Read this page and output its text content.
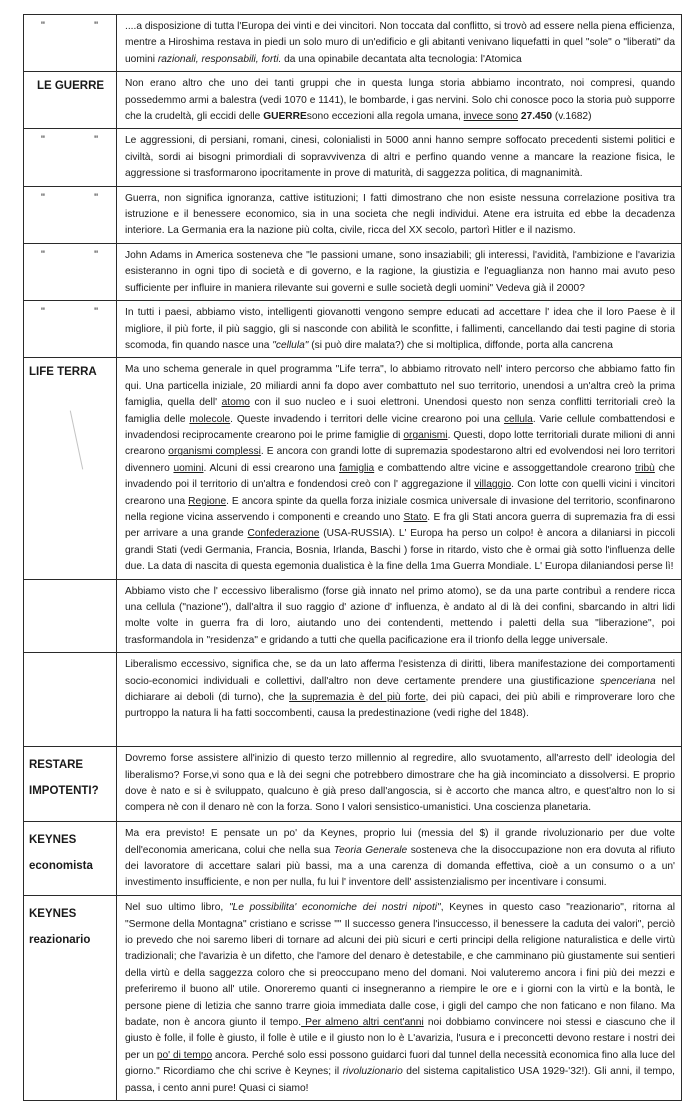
" "	....a disposizione di tutta l'Europa dei vinti e dei vincitori. Non toccata dal conflitto, si trovò ad essere nella piena efficienza, mentre a Hiroshima restava in piedi un solo muro di un'edificio e gli abitanti venivano liquefatti in quel "sole" o "liberati" da uomini razionali, responsabili, forti. da una opinabile decantata alta tecnologia: l'Atomica

LE GUERRE	Non erano altro che uno dei tanti gruppi che in questa lunga storia abbiamo incontrato, noi compresi, quando possedemmo armi a balestra (vedi 1070 e 1141), le bombarde, i gas nervini. Solo chi conosce poco la storia può supporre che la crudeltà, gli eccidi delle GUERREsono eccezioni alla regola umana, invece sono 27.450 (v.1682)

" "	Le aggressioni, di persiani, romani, cinesi, colonialisti in 5000 anni hanno sempre soffocato precedenti sistemi politici e civiltà, sordi ai bisogni primordiali di sopravvivenza di altri e perfino quando venne a mancare la reazione fisica, le aggressione si trasformarono ipocritamente in prove di maturità, di saggezza politica, di magnanimità.

" "	Guerra, non significa ignoranza, cattive istituzioni; I fatti dimostrano che non esiste nessuna correlazione positiva tra istruzione e il benessere economico, sia in una societa che negli individui. Atene era istruita ed ebbe la decadenza interiore. La Germania era la nazione più colta, civile, ricca del XX secolo, partorì Hitler e il nazismo.

" "	John Adams in America sosteneva che "le passioni umane, sono insaziabili; gli interessi, l'avidità, l'ambizione e l'avarizia esisteranno in ogni tipo di società e di governo, e la ragione, la giustizia e l'eguaglianza non hanno mai avuto peso sufficiente per influire in maniera rilevante sui governi e sulle società degli uomini" Vedeva già il 2000?

" "	In tutti i paesi, abbiamo visto, intelligenti giovanotti vengono sempre educati ad accettare l' idea che il loro Paese è il migliore, il più forte, il più saggio, gli si nasconde con abilità le sconfitte, i fallimenti, cancellando dai testi pagine di storia scomoda, fin quando nasce una "cellula" (si può dire malata?) che si moltiplica, diffonde, porta alla cancrena

LIFE TERRA	Ma uno schema generale in quel programma "Life terra", lo abbiamo ritrovato nell' intero percorso che abbiamo fatto fin qui. Una particella iniziale, 20 miliardi anni fa dopo aver combattuto nel suo territorio, unendosi a un'altra creò la prima famiglia, quella dell' atomo con il suo nucleo e i suoi elettroni. Unendosi questo non senza conflitti territoriali creò la famiglia delle molecole. Queste invadendo i territori delle vicine crearono poi una cellula. Varie cellule combattendosi e invadendosi reciprocamente crearono poi le prime famiglie di organismi. Questi, dopo lotte territoriali durate milioni di anni crearono organismi complessi. E ancora con grandi lotte di supremazia spodestarono altri ed evolvendosi nei loro territori divennero uomini. Alcuni di essi crearono una famiglia e combattendo altre vicine e assoggettandole crearono tribù che invadendo poi il territorio di un'altra e fondendosi creò con l' aggregazione il villaggio. Con lotte con quelli vicini i vincitori crearono una Regione. E ancora spinte da quella forza iniziale cosmica universale di invasione del territorio, sconfinarono nella regione vicina asservendo i componenti e creando uno Stato. E fra gli Stati ancora guerra di supremazia fra di essi per arrivare a una grande Confederazione (USA-RUSSIA). L' Europa ha perso un colpo! è ancora a dilaniarsi in piccoli grandi Stati (vedi Germania, Francia, Bosnia, Irlanda, Baschi ) forse in ritardo, visto che è ormai già sotto l'influenza delle due. La data di nascita di questa egemonia dualistica è la fine della 1ma Guerra Mondiale. L' Europa dilaniandosi perse lì!

	Abbiamo visto che l' eccessivo liberalismo (forse già innato nel primo atomo), se da una parte contribuì a rendere ricca una cellula ("nazione"), dall'altra il suo raggio d' azione d' influenza, è andato al di là dei confini, sbarcando in altri lidi molte volte in guerra fra di loro, aiutando uno dei contendenti, mettendo i paletti della sua "liberazione", poi trasformandola in "residenza" e gridando a tutti che quella pacificazione era il trionfo della legge universale.

	Liberalismo eccessivo, significa che, se da un lato afferma l'esistenza di diritti, libera manifestazione dei comportamenti socio-economici individuali e collettivi, dall'altro non deve certamente prendere una giustificazione spenceriana nel dichiarare ai deboli (di turno), che la supremazia è del più forte, dei più capaci, dei più abili e rimproverare loro che purtroppo la natura li ha fatti soccombenti, causa la predestinazione (vedi righe del 1848).

RESTARE IMPOTENTI?	Dovremo forse assistere all'inizio di questo terzo millennio al regredire, allo svuotamento, all'arresto dell' ideologia del liberalismo? Forse,vi sono qua e là dei segni che potrebbero dimostrare che ha già incominciato a dissolversi. E proprio dove è nato e si è sviluppato, qualcuno è già preso dall'angoscia, si è accorto che manca altro, e quest'altro non lo si compera nè con il denaro nè con la forza. Sono I valori sensistico-umanistici. Una coscienza planetaria.

KEYNES economista	Ma era previsto! E pensate un po' da Keynes, proprio lui (messia del $) il grande rivoluzionario per due volte dell'economia americana, colui che nella sua Teoria Generale sosteneva che la disoccupazione non era dovuta al rifiuto dei lavoratore di accettare salari più bassi, ma a una carenza di domanda effettiva, cioè a un consumo o a un' investimento insufficiente, e non per nulla, fu lui l' inventore dell' assistenzialismo per incentivare i consumi.

KEYNES reazionario	Nel suo ultimo libro, "Le possibilita' economiche dei nostri nipoti", Keynes in questo caso "reazionario", ritorna al "Sermone della Montagna" cristiano e scrisse "" Il successo genera l'insuccesso, il benessere la caduta dei valori", perciò io prevedo che noi saremo liberi di tornare ad alcuni dei più sicuri e certi principi della religione naturalistica e delle virtù tradizionali; che l'avarizia è un difetto, che l'amore del denaro è detestabile, e che camminano più giustamente sui sentieri della virtù e della saggezza coloro che si preoccupano meno del domani. Noi valuteremo ancora i fini più dei mezzi e preferiremo il buono all' utile. Onoreremo quanti ci insegneranno a riempire le ore e i giorni con la virtù e la bontà, le persone piene di letizia che sanno trarre gioia immediata dalle cose, i gigli del campo che non faticano e non filano. Ma badate, non è ancora giunto il tempo. Per almeno altri cent'anni noi dobbiamo convincere noi stessi e ciascuno che il giusto è folle, il folle è giusto, il folle è utile e il giusto non lo è L'avarizia, l'usura e i preconcetti devono restare i nostri dei per un po' di tempo ancora. Perché solo essi possono guidarci fuori dal tunnel della necessità economica fino alla luce del giorno." Ricordiamo che chi scrive è Keynes; il rivoluzionario del sistema capitalistico USA 1929-'32!). Gli anni, il tempo, passa, i cento anni pure! Quasi ci siamo!
